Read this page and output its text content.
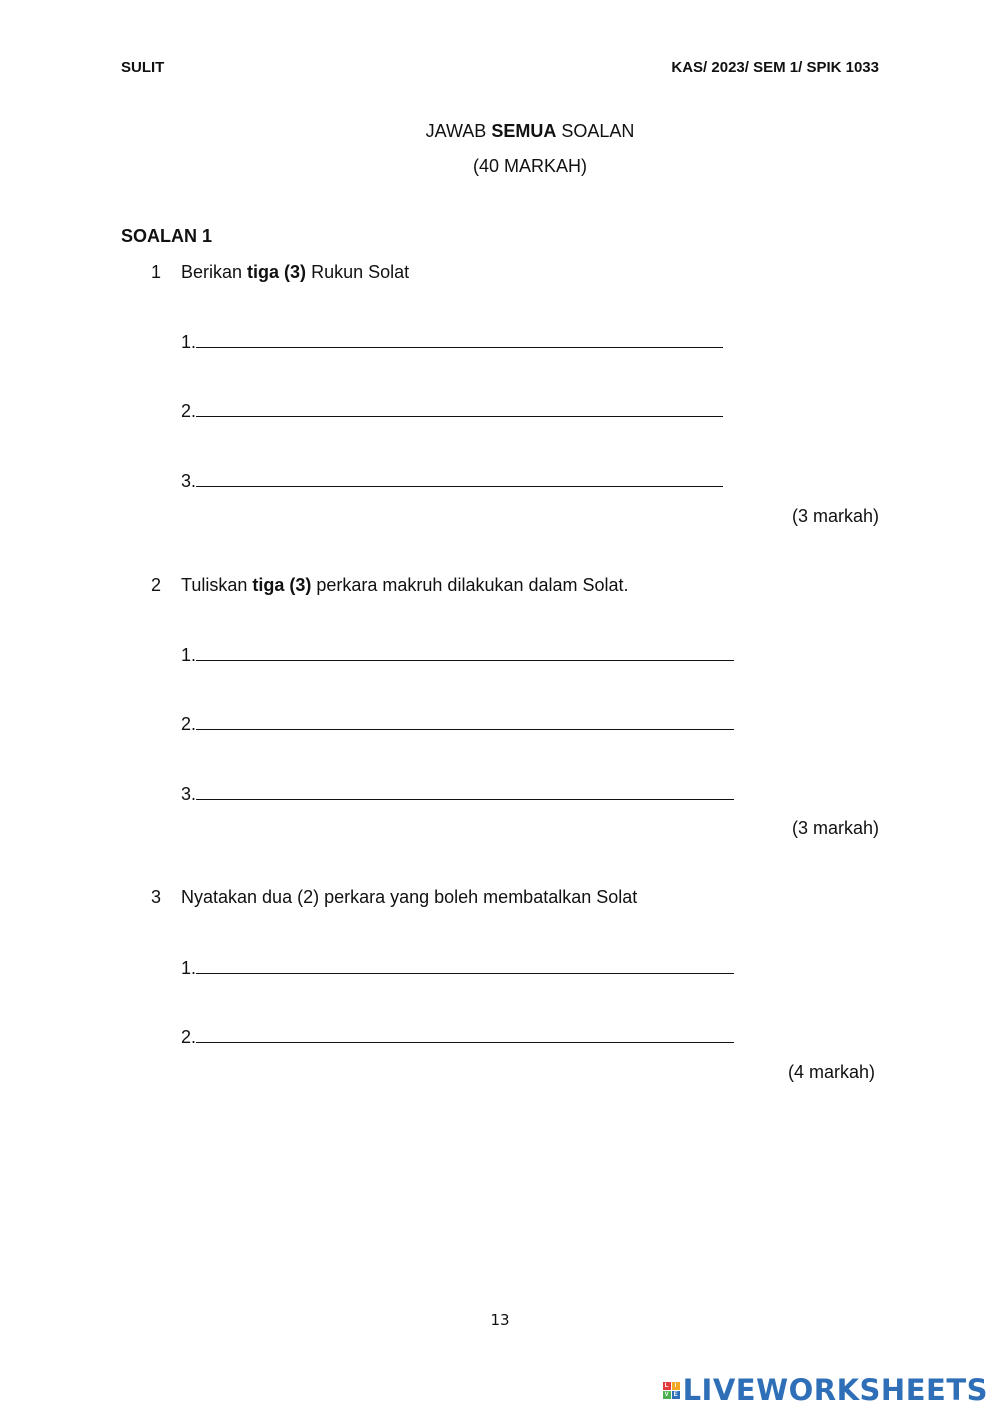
SULIT	KAS/ 2023/ SEM 1/ SPIK 1033
JAWAB SEMUA SOALAN
(40 MARKAH)
SOALAN 1
1 Berikan tiga (3) Rukun Solat
1.
2.
3.
(3 markah)
2 Tuliskan tiga (3) perkara makruh dilakukan dalam Solat.
1.
2.
3.
(3 markah)
3 Nyatakan dua (2) perkara yang boleh membatalkan Solat
1.
2.
(4 markah)
13
L	I
V E LIVEWORKSHEETS
